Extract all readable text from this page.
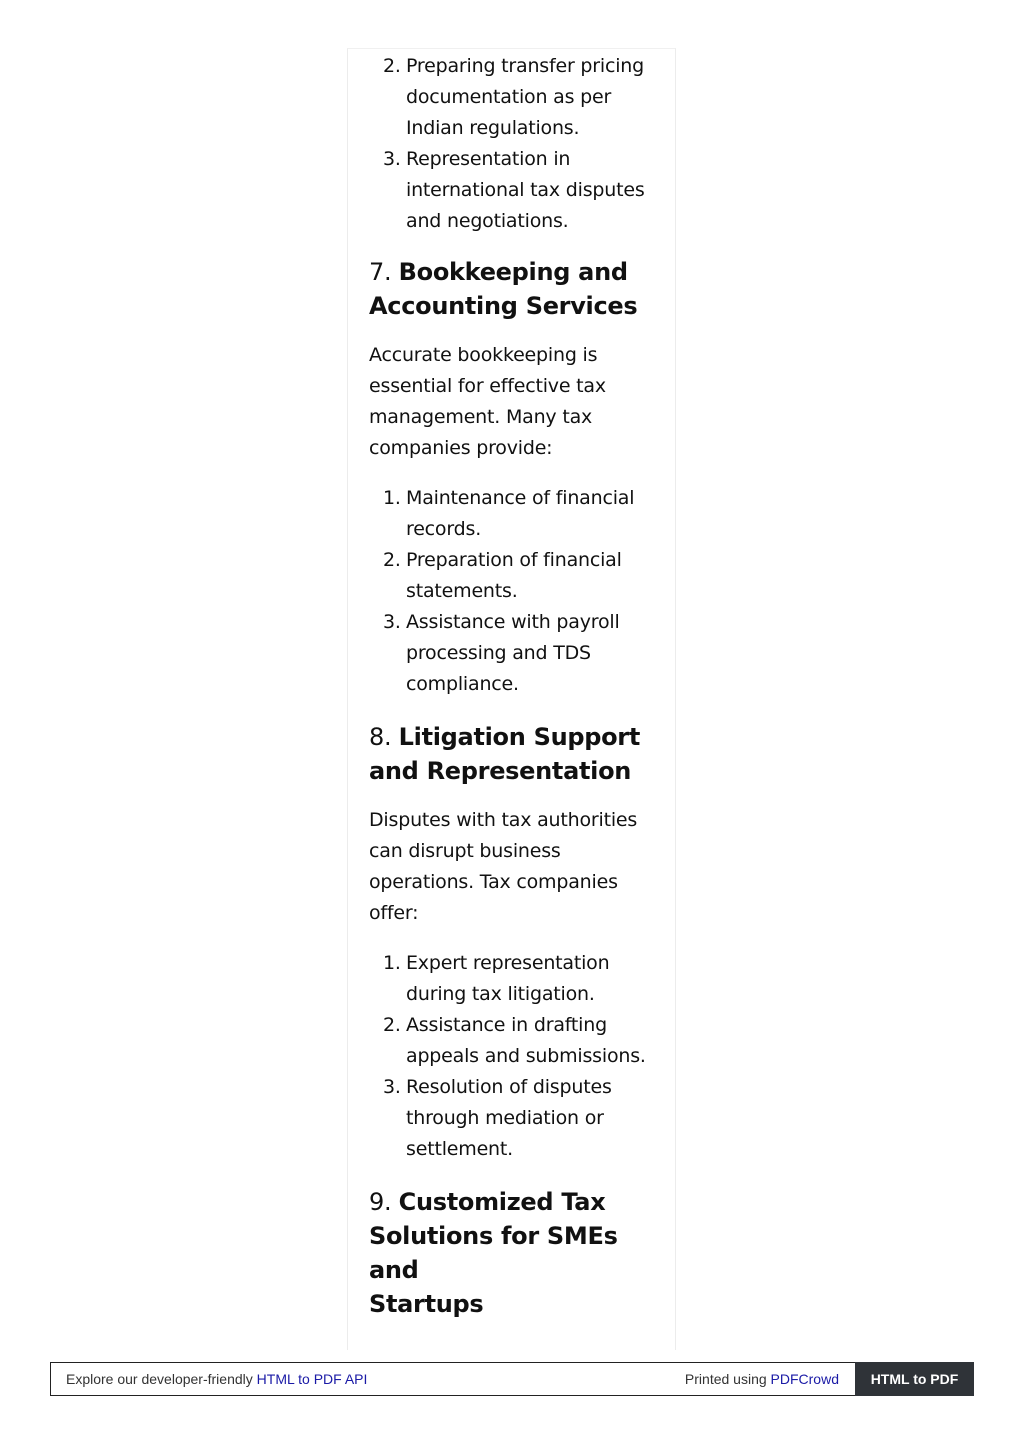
2. Preparing transfer pricing
documentation as per
Indian regulations.
3. Representation in
international tax disputes
and negotiations.
7. Bookkeeping and
Accounting Services

Accurate bookkeeping is
essential for effective tax
management. Many tax
companies provide:

1. Maintenance of financial
records.
2. Preparation of financial
statements.
3. Assistance with payroll
processing and TDS
compliance.
8. Litigation Support
and Representation

Disputes with tax authorities
can disrupt business
operations. Tax companies
offer:

1. Expert representation
during tax litigation.
2. Assistance in drafting
appeals and submissions.
3. Resolution of disputes
through mediation or
settlement.
9. Customized Tax
Solutions for SMEs and
Startups
Explore our developer-friendly HTML to PDF API	Printed using PDFCrowd	HTML to PDF
